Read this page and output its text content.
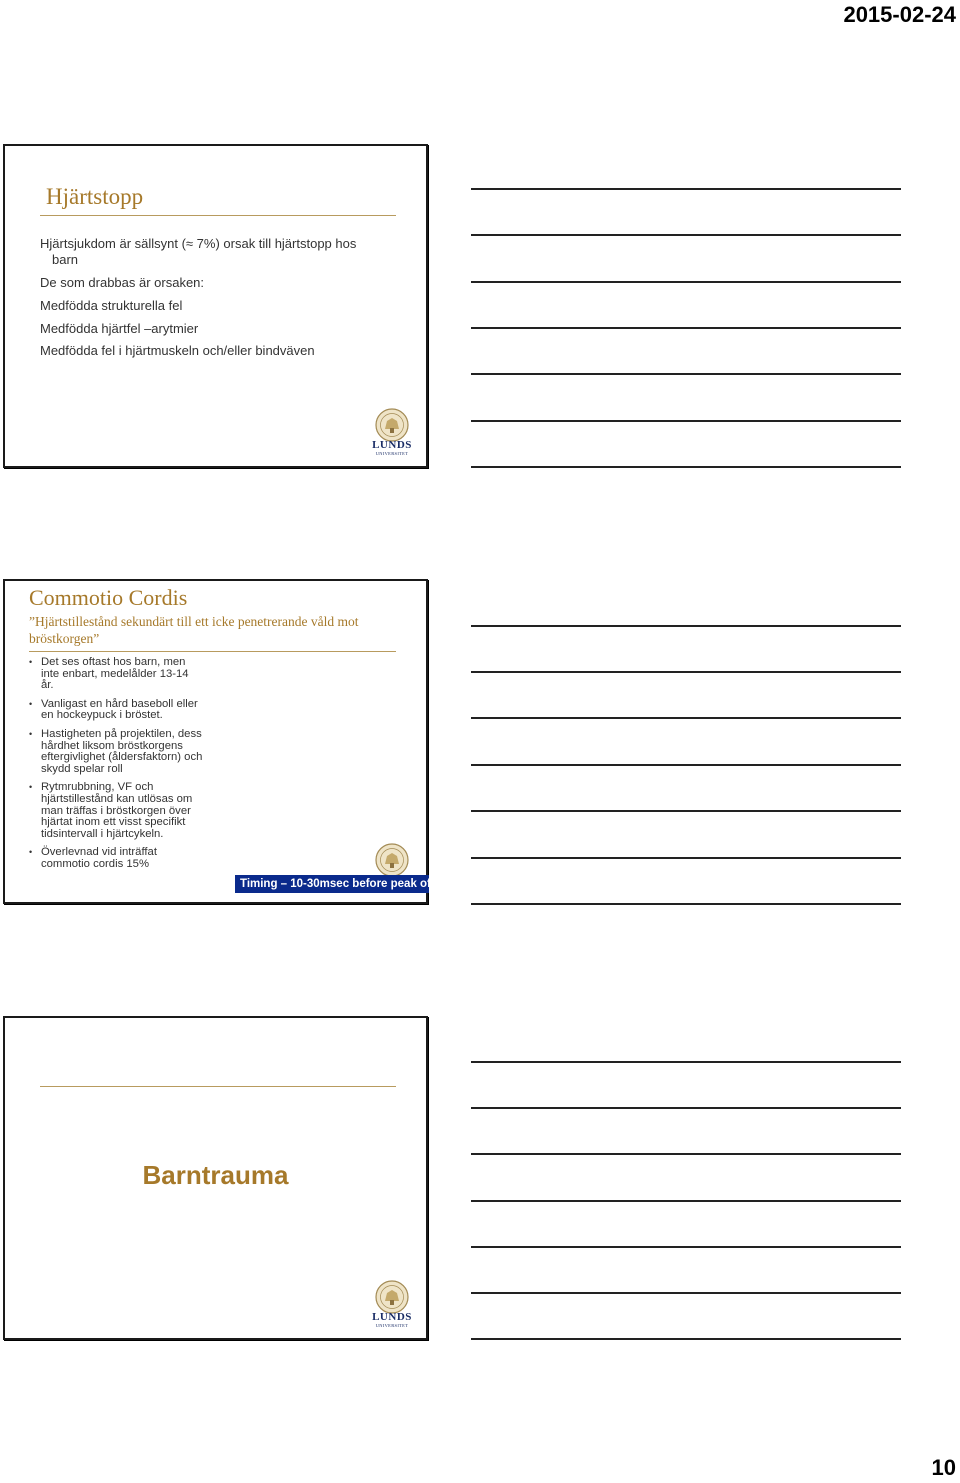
2015-02-24
Hjärtstopp
Hjärtsjukdom är sällsynt (≈ 7%) orsak till hjärtstopp hos
barn
De som drabbas är orsaken:
Medfödda strukturella fel
Medfödda hjärtfel –arytmier
Medfödda fel i hjärtmuskeln och/eller bindväven
LUNDS
UNIVERSITET
Commotio Cordis
”Hjärtstillestånd sekundärt till ett icke penetrerande våld mot bröstkorgen”
• Det ses oftast hos barn, men inte enbart, medelålder 13-14 år.
• Vanligast en hård baseboll eller en hockeypuck i bröstet.
• Hastigheten på projektilen, dess hårdhet liksom bröstkorgens eftergivlighet (åldersfaktorn) och skydd spelar roll
• Rytmrubbning, VF och hjärtstillestånd kan utlösas om man träffas i bröstkorgen över hjärtat inom ett visst specifikt tidsintervall i hjärtcykeln.
• Överlevnad vid inträffat commotio cordis 15%
Timing – 10-30msec before peak of T Wave
Barntrauma
LUNDS
UNIVERSITET
10
